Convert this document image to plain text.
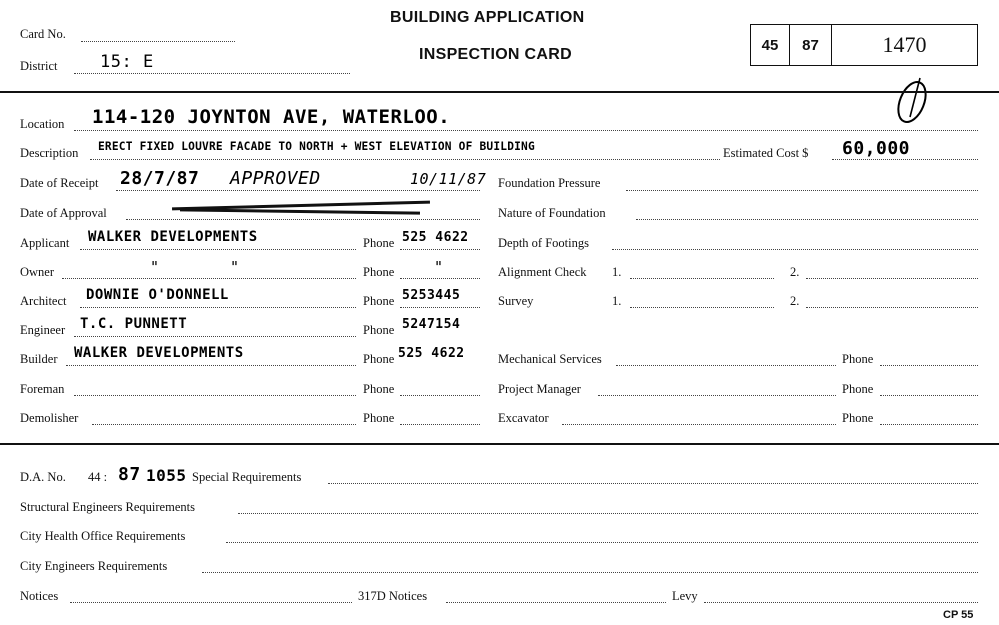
Card No.
District	15: E
BUILDING APPLICATION
INSPECTION CARD
45 87	1470
Location 114-120 JOYNTON AVE, WATERLOO.
Description ERECT FIXED LOUVRE FACADE TO NORTH + WEST ELEVATION OF BUILDING	Estimated Cost $ 60,000
Date of Receipt 28/7/87 APPROVED	10/11/87 Foundation Pressure
Date of Approval	Nature of Foundation
Applicant WALKER DEVELOPMENTS	Phone 525 4622 Depth of Footings
Owner	"	"	Phone	"	Alignment Check 1.	2.
Architect DOWNIE O'DONNELL	Phone 5253445	Survey	1.	2.
Engineer T.C. PUNNETT	Phone 5247154
Builder WALKER DEVELOPMENTS	Phone 525 4622	Mechanical Services	Phone
Foreman	Phone	Project Manager	Phone
Demolisher	Phone	Excavator	Phone
D.A. No. 44 : 87 1055 Special Requirements
Structural Engineers Requirements
City Health Office Requirements
City Engineers Requirements
Notices	317D Notices	Levy
CP 55
